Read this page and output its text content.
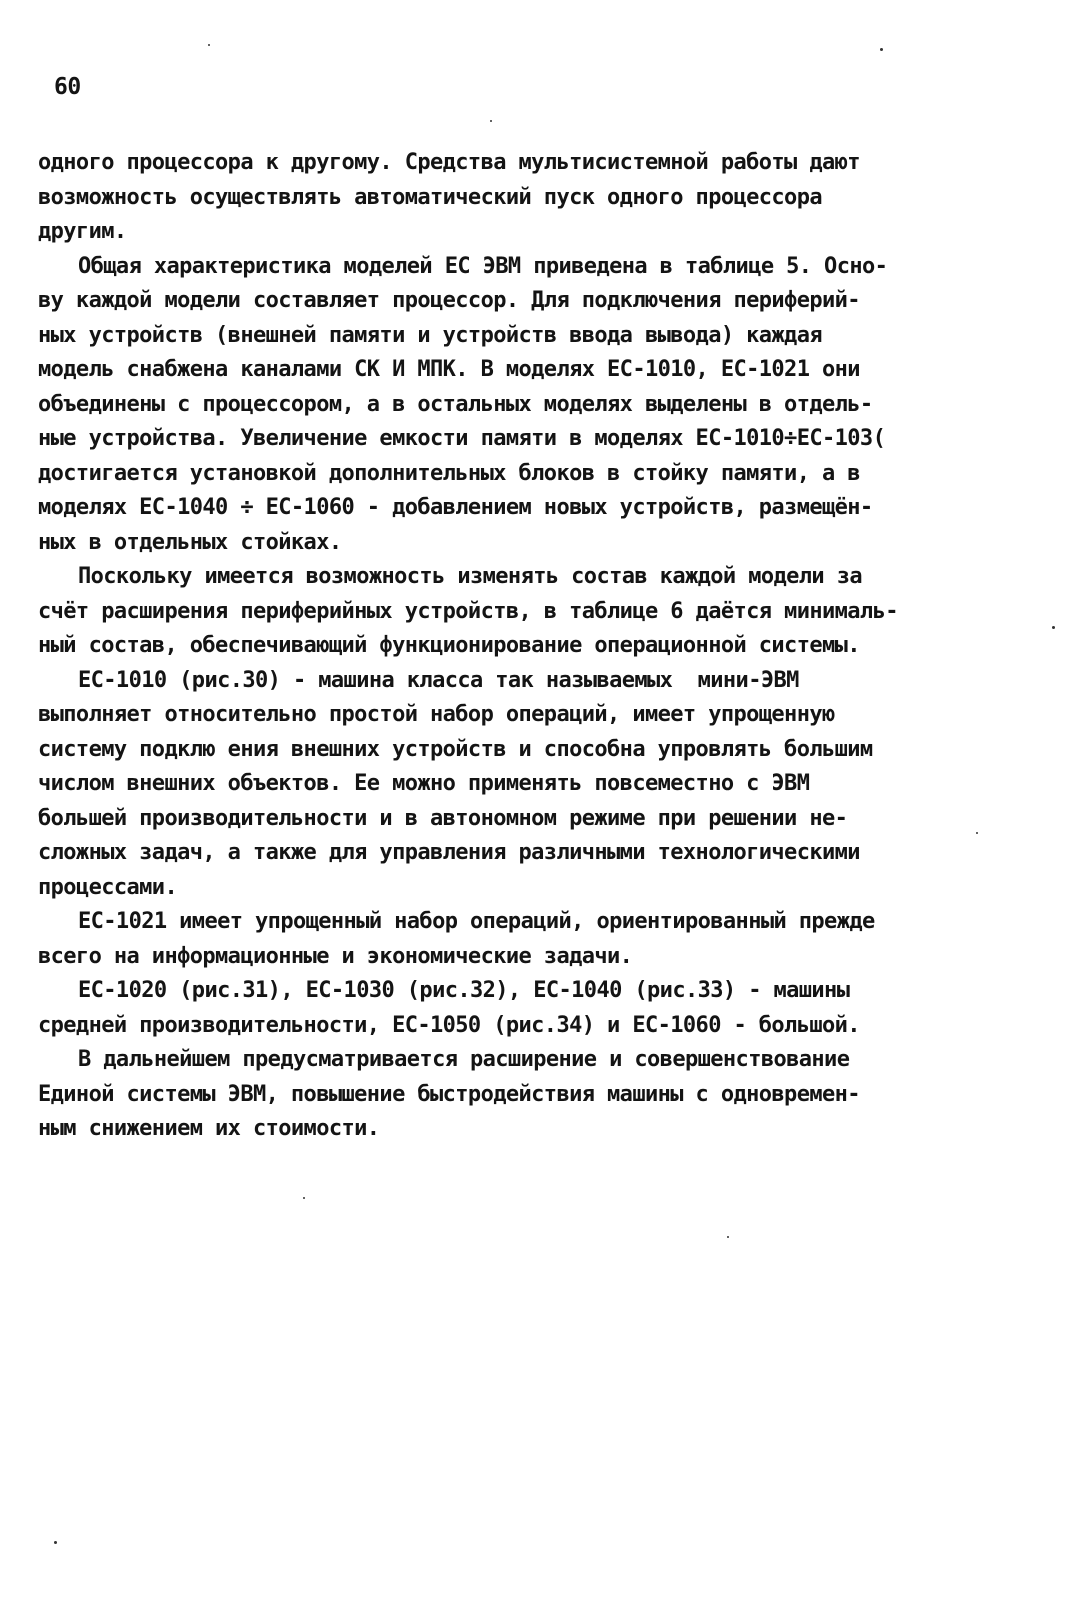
60
одного процессора к другому. Средства мультисистемной работы дают
возможность осуществлять автоматический пуск одного процессора
другим.
Общая характеристика моделей ЕС ЭВМ приведена в таблице 5. Осно-
ву каждой модели составляет процессор. Для подключения периферий-
ных устройств (внешней памяти и устройств ввода вывода) каждая
модель снабжена каналами СК И МПК. В моделях ЕС-1010, ЕС-1021 они
объединены с процессором, а в остальных моделях выделены в отдель-
ные устройства. Увеличение емкости памяти в моделях ЕС-1010÷ЕС-103(
достигается установкой дополнительных блоков в стойку памяти, а в
моделях ЕС-1040 ÷ ЕС-1060 - добавлением новых устройств, размещён-
ных в отдельных стойках.
Поскольку имеется возможность изменять состав каждой модели за
счёт расширения периферийных устройств, в таблице 6 даётся минималь-
ный состав, обеспечивающий функционирование операционной системы.
ЕС-1010 (рис.30) - машина класса так называемых  мини-ЭВМ
выполняет относительно простой набор операций, имеет упрощенную
систему подклю ения внешних устройств и способна упровлять большим
числом внешних объектов. Ее можно применять повсеместно с ЭВМ
большей производительности и в автономном режиме при решении не-
сложных задач, а также для управления различными технологическими
процессами.
ЕС-1021 имеет упрощенный набор операций, ориентированный прежде
всего на информационные и экономические задачи.
ЕС-1020 (рис.31), ЕС-1030 (рис.32), ЕС-1040 (рис.33) - машины
средней производительности, ЕС-1050 (рис.34) и ЕС-1060 - большой.
В дальнейшем предусматривается расширение и совершенствование
Единой системы ЭВМ, повышение быстродействия машины с одновремен-
ным снижением их стоимости.
